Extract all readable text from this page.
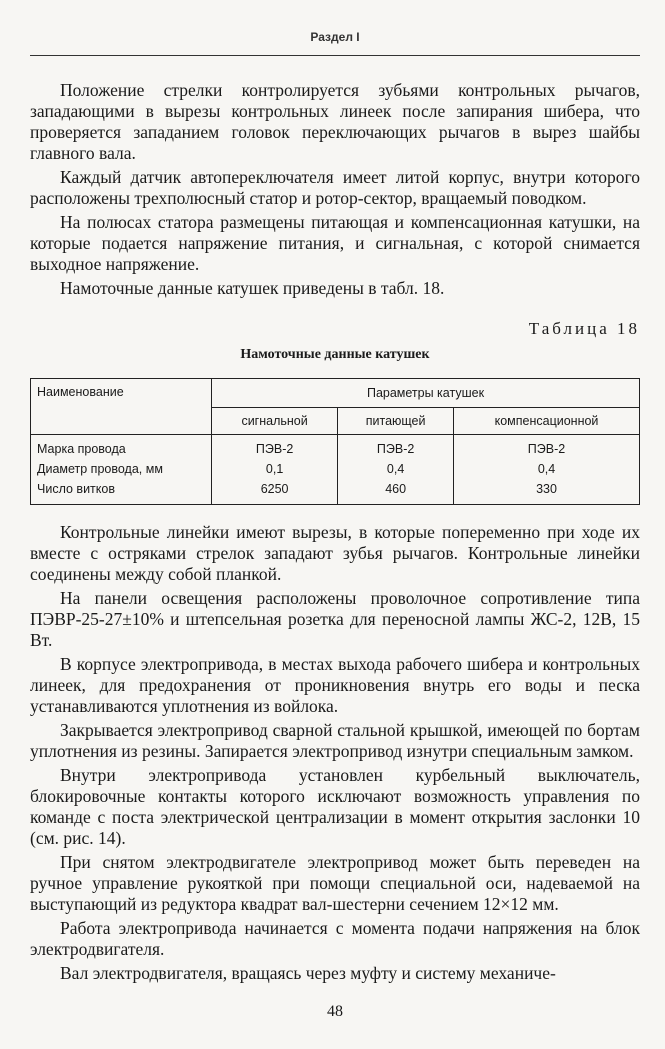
Раздел I

Положение стрелки контролируется зубьями контрольных рычагов, западающими в вырезы контрольных линеек после запирания шибера, что проверяется западанием головок переключающих рычагов в вырез шайбы главного вала.

Каждый датчик автопереключателя имеет литой корпус, внутри которого расположены трехполюсный статор и ротор-сектор, вращаемый поводком.

На полюсах статора размещены питающая и компенсационная катушки, на которые подается напряжение питания, и сигнальная, с которой снимается выходное напряжение.

Намоточные данные катушек приведены в табл. 18.

Таблица 18
Намоточные данные катушек
Наименование	Параметры катушек		
	сигнальной	питающей	компенсационной
Марка провода	ПЭВ-2	ПЭВ-2	ПЭВ-2
Диаметр провода, мм	0,1	0,4	0,4
Число витков	6250	460	330

Контрольные линейки имеют вырезы, в которые попеременно при ходе их вместе с остряками стрелок западают зубья рычагов. Контрольные линейки соединены между собой планкой.

На панели освещения расположены проволочное сопротивление типа ПЭВР-25-27±10% и штепсельная розетка для переносной лампы ЖС-2, 12В, 15 Вт.

В корпусе электропривода, в местах выхода рабочего шибера и контрольных линеек, для предохранения от проникновения внутрь его воды и песка устанавливаются уплотнения из войлока.

Закрывается электропривод сварной стальной крышкой, имеющей по бортам уплотнения из резины. Запирается электропривод изнутри специальным замком.

Внутри электропривода установлен курбельный выключатель, блокировочные контакты которого исключают возможность управления по команде с поста электрической централизации в момент открытия заслонки 10 (см. рис. 14).

При снятом электродвигателе электропривод может быть переведен на ручное управление рукояткой при помощи специальной оси, надеваемой на выступающий из редуктора квадрат вал-шестерни сечением 12×12 мм.

Работа электропривода начинается с момента подачи напряжения на блок электродвигателя.

Вал электродвигателя, вращаясь через муфту и систему механиче-

48
